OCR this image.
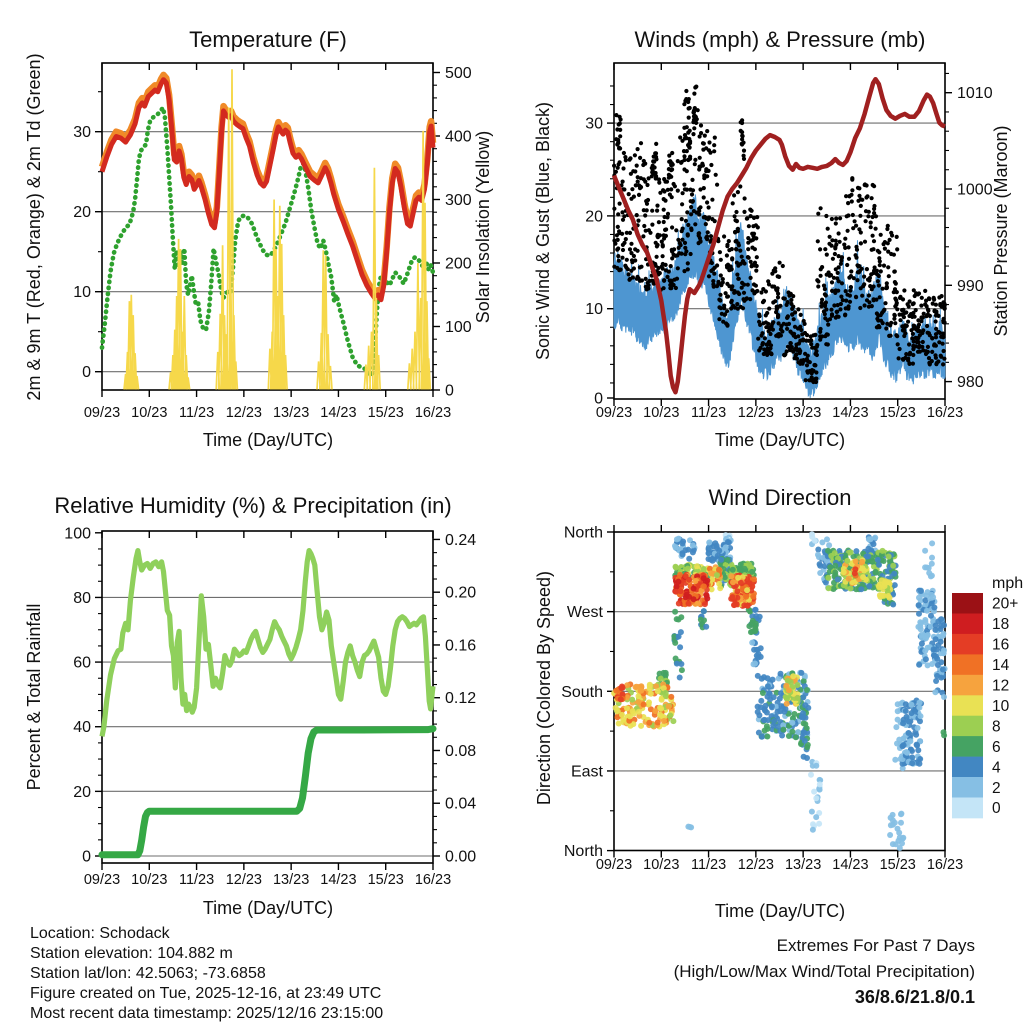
09/23 10/23 11/23 12/23 13/23 14/23 15/23 16/23
0
10
20
30
0
100
200
300
400
500
09/23 10/23 11/23 12/23 13/23 14/23 15/23 16/23
0
10
20
30
980
990
1000
1010
09/23 10/23 11/23 12/23 13/23 14/23 15/23 16/23
0
20
40
60
80
100
0.00
0.04
0.08
0.12
0.16
0.20
0.24
09/23 10/23 11/23 12/23 13/23 14/23 15/23 16/23
North
West
South
East
North
mph
20+
18
16
14
12
10
8
6
4
2
0
Temperature (F)	Winds (mph) & Pressure (mb)
Relative Humidity (%) & Precipitation (in)	Wind Direction
Time (Day/UTC)	Time (Day/UTC)
Time (Day/UTC)	Time (Day/UTC)
2m & 9m T (Red, Orange) & 2m Td (Green)	Solar Insolation (Yellow) Sonic Wind & Gust (Blue, Black)	Station Pressure (Maroon)
Percent & Total Rainfall	Direction (Colored By Speed)
Location: Schodack
Station elevation: 104.882 m
Station lat/lon: 42.5063; -73.6858
Figure created on Tue, 2025-12-16, at 23:49 UTC
Most recent data timestamp: 2025/12/16 23:15:00
Extremes For Past 7 Days
(High/Low/Max Wind/Total Precipitation)
36/8.6/21.8/0.1
